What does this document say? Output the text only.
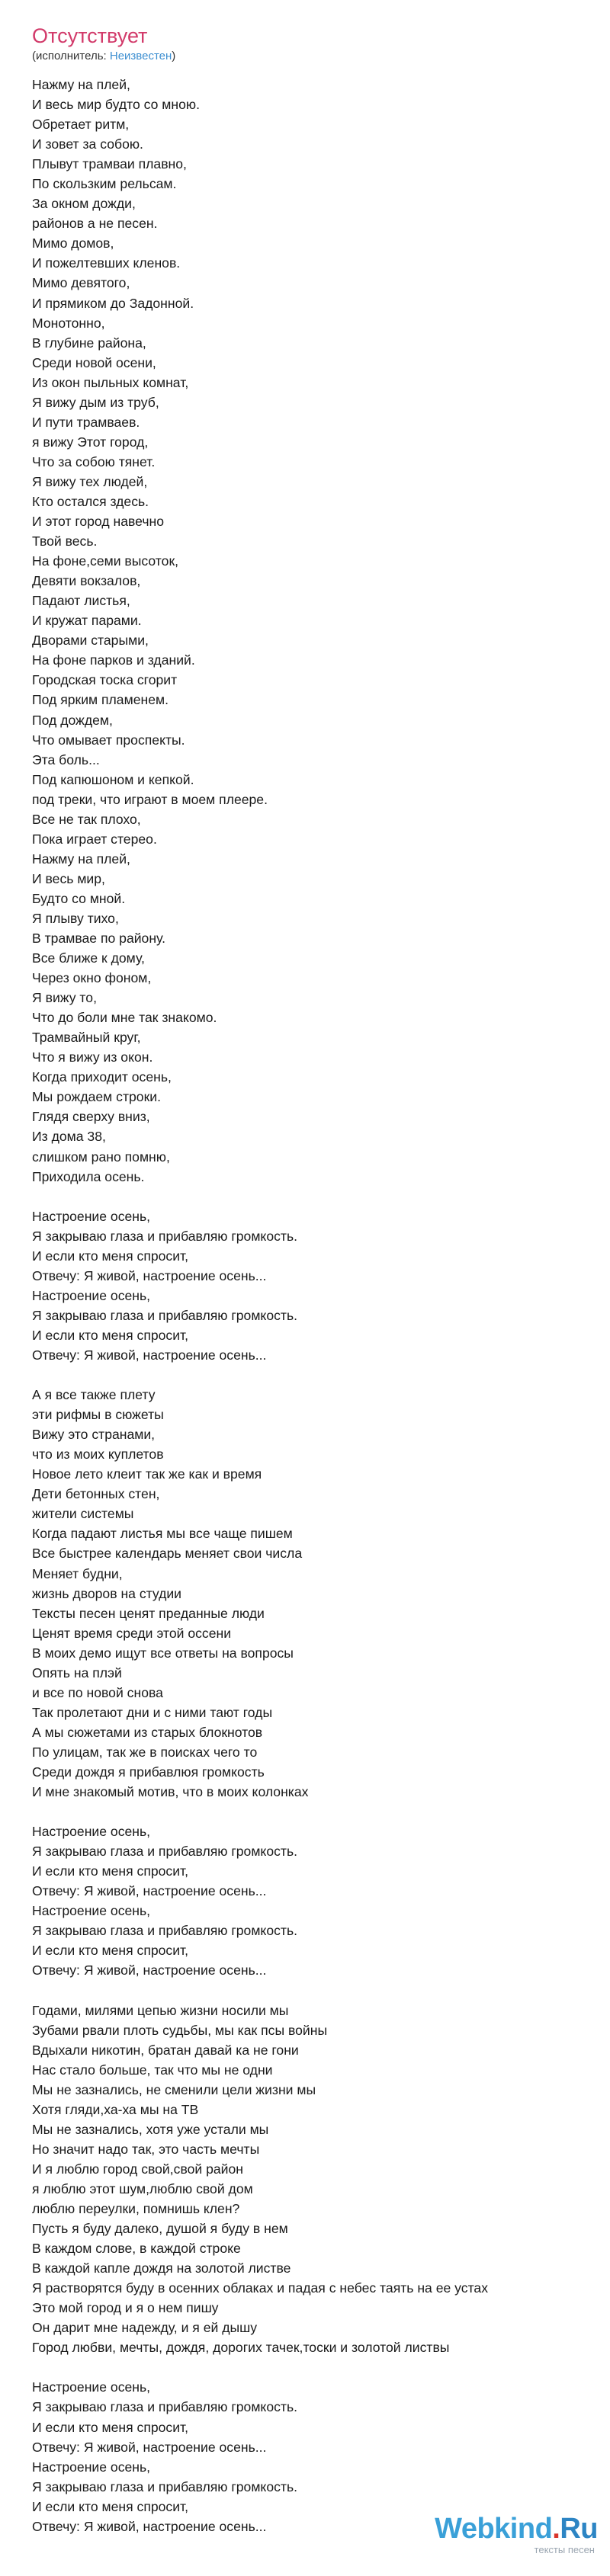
Отсутствует
(исполнитель: Неизвестен)
Нажму на плей,
И весь мир будто со мною.
Обретает ритм,
И зовет за собою.
Плывут трамваи плавно,
По скользким рельсам.
За окном дожди,
районов а не песен.
Мимо домов,
И пожелтевших кленов.
Мимо девятого,
И прямиком до Задонной.
Монотонно,
В глубине района,
Среди новой осени,
Из окон пыльных комнат,
Я вижу дым из труб,
И пути трамваев.
я вижу Этот город,
Что за собою тянет.
Я вижу тех людей,
Кто остался здесь.
И этот город навечно
Твой весь.
На фоне,семи высоток,
Девяти вокзалов,
Падают листья,
И кружат парами.
Дворами старыми,
На фоне парков и зданий.
Городская тоска сгорит
Под ярким пламенем.
Под дождем,
Что омывает проспекты.
Эта боль...
Под капюшоном и кепкой.
под треки, что играют в моем плеере.
Все не так плохо,
Пока играет стерео.
Нажму на плей,
И весь мир,
Будто со мной.
Я плыву тихо,
В трамвае по району.
Все ближе к дому,
Через окно фоном,
Я вижу то,
Что до боли мне так знакомо.
Трамвайный круг,
Что я вижу из окон.
Когда приходит осень,
Мы рождаем строки.
Глядя сверху вниз,
Из дома 38,
слишком рано помню,
Приходила осень.
Настроение осень,
Я закрываю глаза и прибавляю громкость.
И если кто меня спросит,
Отвечу: Я живой, настроение осень...
Настроение осень,
Я закрываю глаза и прибавляю громкость.
И если кто меня спросит,
Отвечу: Я живой, настроение осень...
А я все также плету
эти рифмы в сюжеты
Вижу это странами,
что из моих куплетов
Новое лето клеит так же как и время
Дети бетонных стен,
жители системы
Когда падают листья мы все чаще пишем
Все быстрее календарь меняет свои числа
Меняет будни,
жизнь дворов на студии
Тексты песен ценят преданные люди
Ценят время среди этой оссени
В моих демо ищут все ответы на вопросы
Опять на плэй
и все по новой снова
Так пролетают дни и с ними тают годы
А мы сюжетами из старых блокнотов
По улицам, так же в поисках чего то
Среди дождя я прибавлюя громкость
И мне знакомый мотив, что в моих колонках
Настроение осень,
Я закрываю глаза и прибавляю громкость.
И если кто меня спросит,
Отвечу: Я живой, настроение осень...
Настроение осень,
Я закрываю глаза и прибавляю громкость.
И если кто меня спросит,
Отвечу: Я живой, настроение осень...
Годами, милями цепью жизни носили мы
Зубами рвали плоть судьбы, мы как псы войны
Вдыхали никотин, братан давай ка не гони
Нас стало больше, так что мы не одни
Мы не зазнались, не сменили цели жизни мы
Хотя гляди,ха-ха мы на ТВ
Мы не зазнались, хотя уже устали мы
Но значит надо так, это часть мечты
И я люблю город свой,свой район
я люблю этот шум,люблю свой дом
люблю переулки, помнишь клен?
Пусть я буду далеко, душой я буду в нем
В каждом слове, в каждой строке
В каждой капле дождя на золотой листве
Я растворятся буду в осенних облаках и падая с небес таять на ее устах
Это мой город и я о нем пишу
Он дарит мне надежду, и я ей дышу
Город любви, мечты, дождя, дорогих тачек,тоски и золотой листвы
Настроение осень,
Я закрываю глаза и прибавляю громкость.
И если кто меня спросит,
Отвечу: Я живой, настроение осень...
Настроение осень,
Я закрываю глаза и прибавляю громкость.
И если кто меня спросит,
Отвечу: Я живой, настроение осень...	Webkind.Ru
тексты песен
